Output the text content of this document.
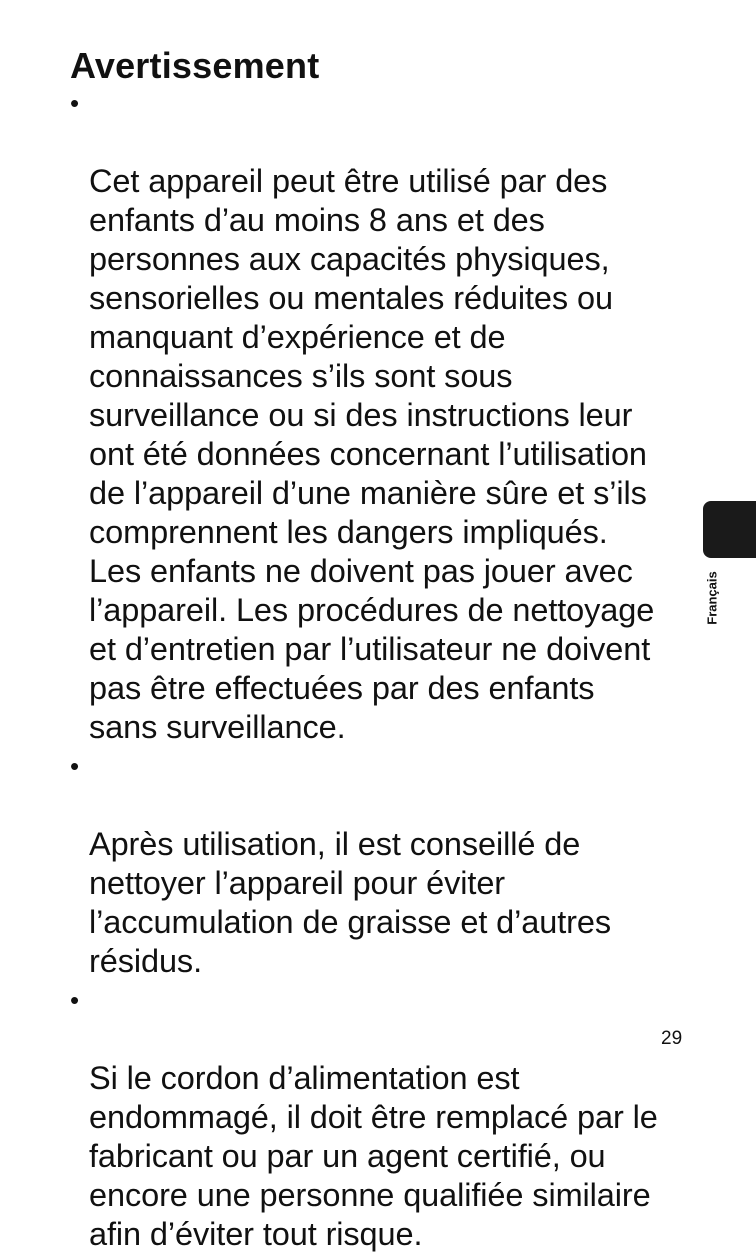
Avertissement

•

Cet appareil peut être utilisé par des
enfants d’au moins 8 ans et des
personnes aux capacités physiques,
sensorielles ou mentales réduites ou
manquant d’expérience et de
connaissances s’ils sont sous
surveillance ou si des instructions leur
ont été données concernant l’utilisation
de l’appareil d’une manière sûre et s’ils
comprennent les dangers impliqués.
Les enfants ne doivent pas jouer avec
l’appareil. Les procédures de nettoyage
et d’entretien par l’utilisateur ne doivent
pas être effectuées par des enfants
sans surveillance.

•

Après utilisation, il est conseillé de
nettoyer l’appareil pour éviter
l’accumulation de graisse et d’autres
résidus.

•

Si le cordon d’alimentation est
endommagé, il doit être remplacé par le
fabricant ou par un agent certifié, ou
encore une personne qualifiée similaire
afin d’éviter tout risque.

Français
29
